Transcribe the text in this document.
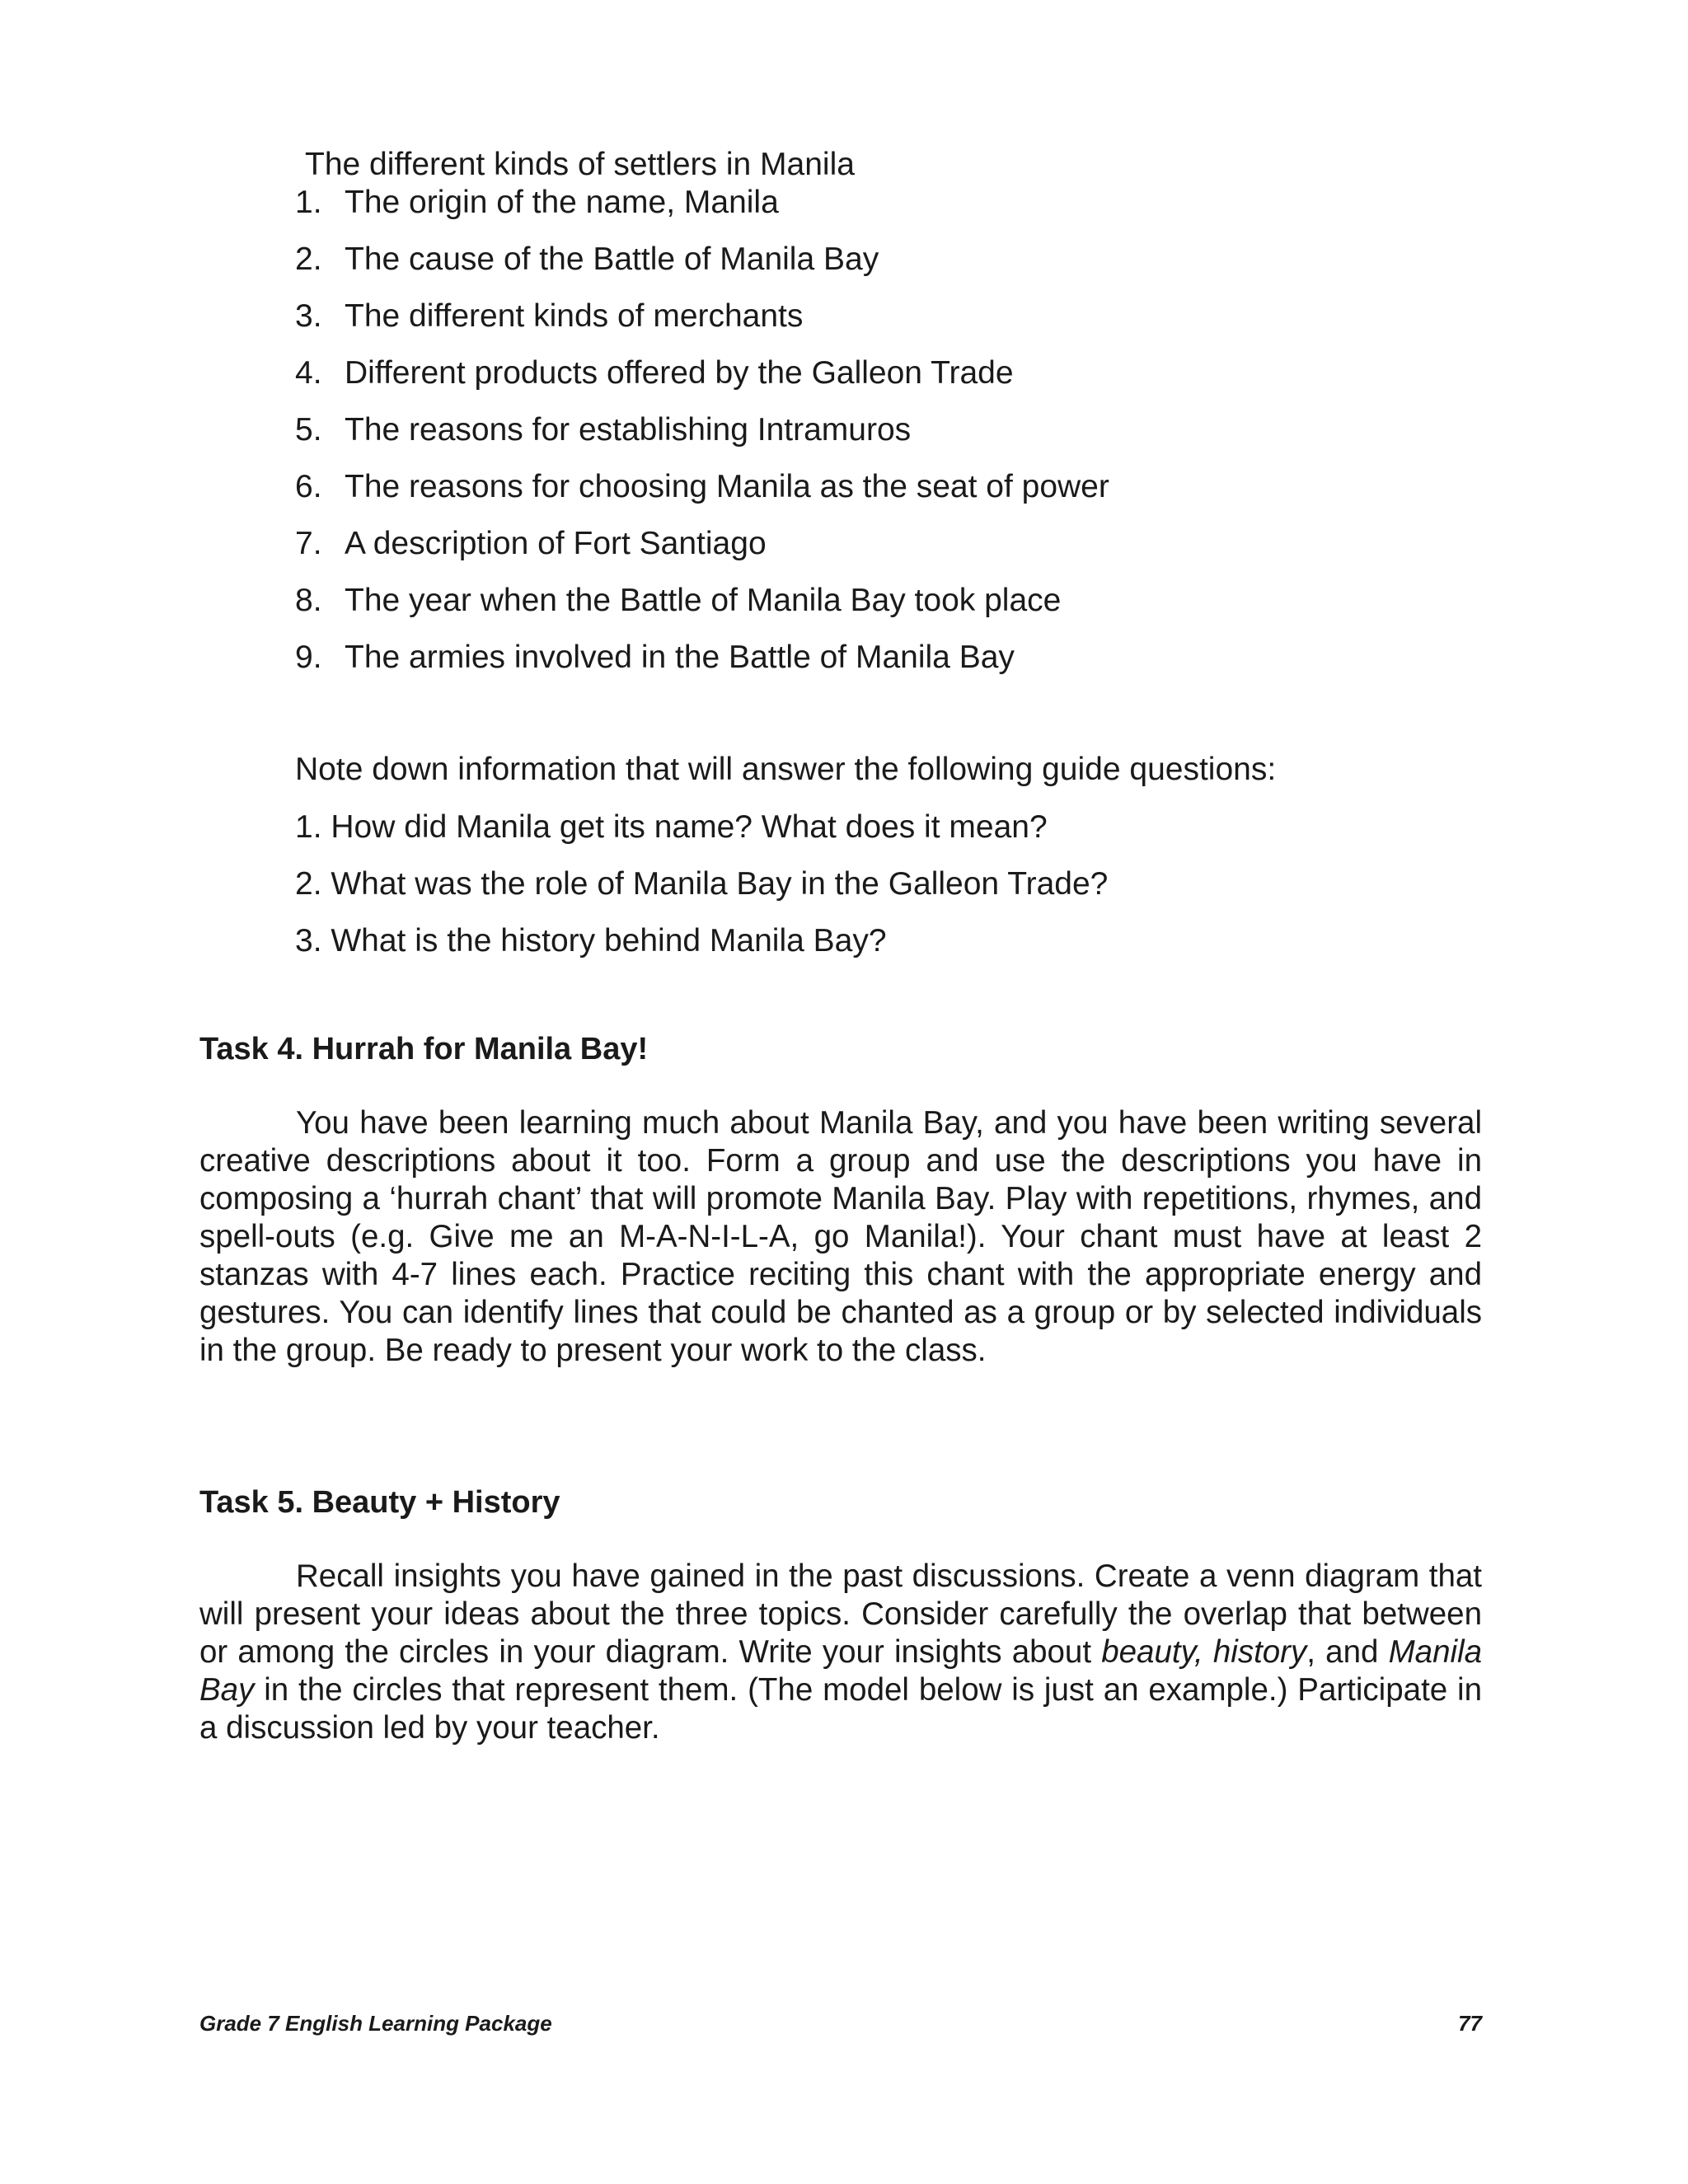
The different kinds of settlers in Manila
1. The origin of the name, Manila
2. The cause of the Battle of Manila Bay
3. The different kinds of merchants
4. Different products offered by the Galleon Trade
5. The reasons for establishing Intramuros
6. The reasons for choosing Manila as the seat of power
7. A description of Fort Santiago
8. The year when the Battle of Manila Bay took place
9. The armies involved in the Battle of Manila Bay
Note down information that will answer the following guide questions:
1. How did Manila get its name? What does it mean?
2. What was the role of Manila Bay in the Galleon Trade?
3. What is the history behind Manila Bay?
Task 4. Hurrah for Manila Bay!

You have been learning much about Manila Bay, and you have been writing several creative descriptions about it too. Form a group and use the descriptions you have in composing a ‘hurrah chant’ that will promote Manila Bay. Play with repetitions, rhymes, and spell-outs (e.g. Give me an M-A-N-I-L-A, go Manila!). Your chant must have at least 2 stanzas with 4-7 lines each. Practice reciting this chant with the appropriate energy and gestures. You can identify lines that could be chanted as a group or by selected individuals in the group. Be ready to present your work to the class.

Task 5. Beauty + History

Recall insights you have gained in the past discussions. Create a venn diagram that will present your ideas about the three topics. Consider carefully the overlap that between or among the circles in your diagram. Write your insights about beauty, history, and Manila Bay in the circles that represent them. (The model below is just an example.) Participate in a discussion led by your teacher.

Grade 7 English Learning Package	77
